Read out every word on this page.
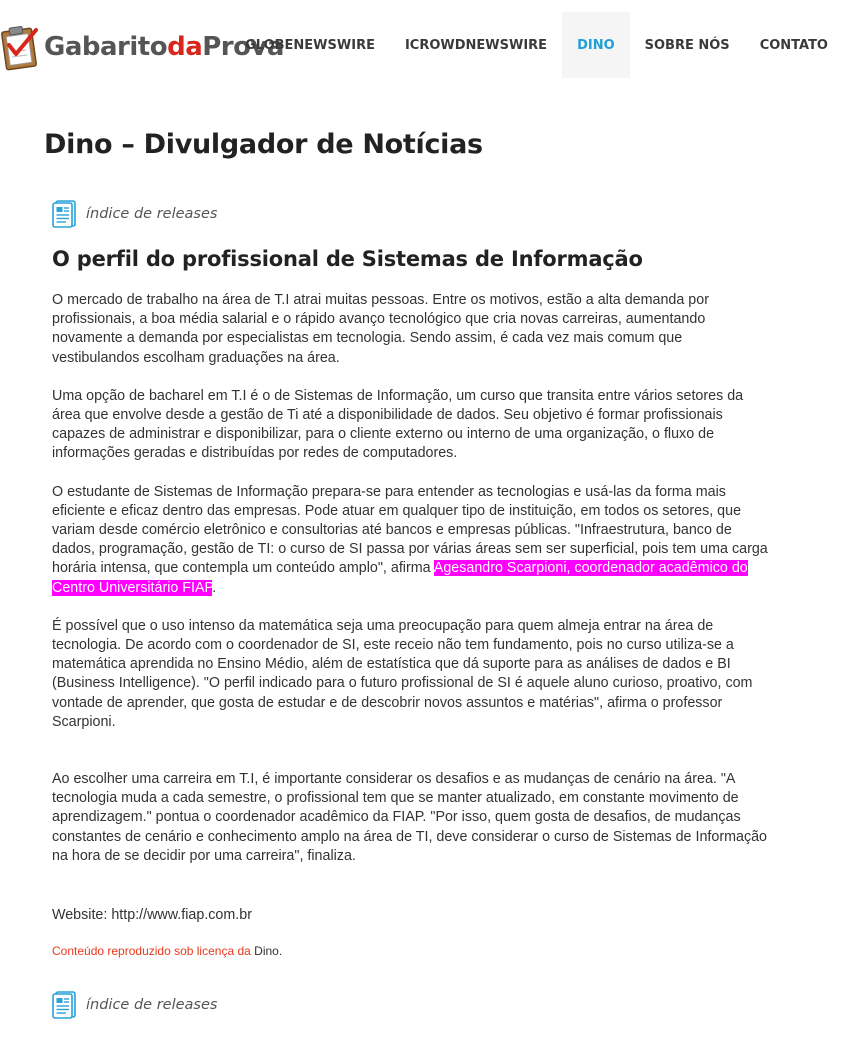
GabaritodaProva
GLOBENEWSWIRE	ICROWDNEWSWIRE	DINO	SOBRE NÓS	CONTATO
Dino – Divulgador de Notícias
índice de releases
O perfil do profissional de Sistemas de Informação

O mercado de trabalho na área de T.I atrai muitas pessoas. Entre os motivos, estão a alta demanda por profissionais, a boa média salarial e o rápido avanço tecnológico que cria novas carreiras, aumentando novamente a demanda por especialistas em tecnologia. Sendo assim, é cada vez mais comum que vestibulandos escolham graduações na área.

Uma opção de bacharel em T.I é o de Sistemas de Informação, um curso que transita entre vários setores da área que envolve desde a gestão de Ti até a disponibilidade de dados. Seu objetivo é formar profissionais capazes de administrar e disponibilizar, para o cliente externo ou interno de uma organização, o fluxo de informações geradas e distribuídas por redes de computadores.

O estudante de Sistemas de Informação prepara-se para entender as tecnologias e usá-las da forma mais eficiente e eficaz dentro das empresas. Pode atuar em qualquer tipo de instituição, em todos os setores, que variam desde comércio eletrônico e consultorias até bancos e empresas públicas. "Infraestrutura, banco de dados, programação, gestão de TI: o curso de SI passa por várias áreas sem ser superficial, pois tem uma carga horária intensa, que contempla um conteúdo amplo", afirma Agesandro Scarpioni, coordenador acadêmico do Centro Universitário FIAP.

É possível que o uso intenso da matemática seja uma preocupação para quem almeja entrar na área de tecnologia. De acordo com o coordenador de SI, este receio não tem fundamento, pois no curso utiliza-se a matemática aprendida no Ensino Médio, além de estatística que dá suporte para as análises de dados e BI (Business Intelligence). "O perfil indicado para o futuro profissional de SI é aquele aluno curioso, proativo, com vontade de aprender, que gosta de estudar e de descobrir novos assuntos e matérias", afirma o professor Scarpioni.

Ao escolher uma carreira em T.I, é importante considerar os desafios e as mudanças de cenário na área. "A tecnologia muda a cada semestre, o profissional tem que se manter atualizado, em constante movimento de aprendizagem." pontua o coordenador acadêmico da FIAP. "Por isso, quem gosta de desafios, de mudanças constantes de cenário e conhecimento amplo na área de TI, deve considerar o curso de Sistemas de Informação na hora de se decidir por uma carreira", finaliza.

Website: http://www.fiap.com.br

Conteúdo reproduzido sob licença da Dino.

índice de releases
